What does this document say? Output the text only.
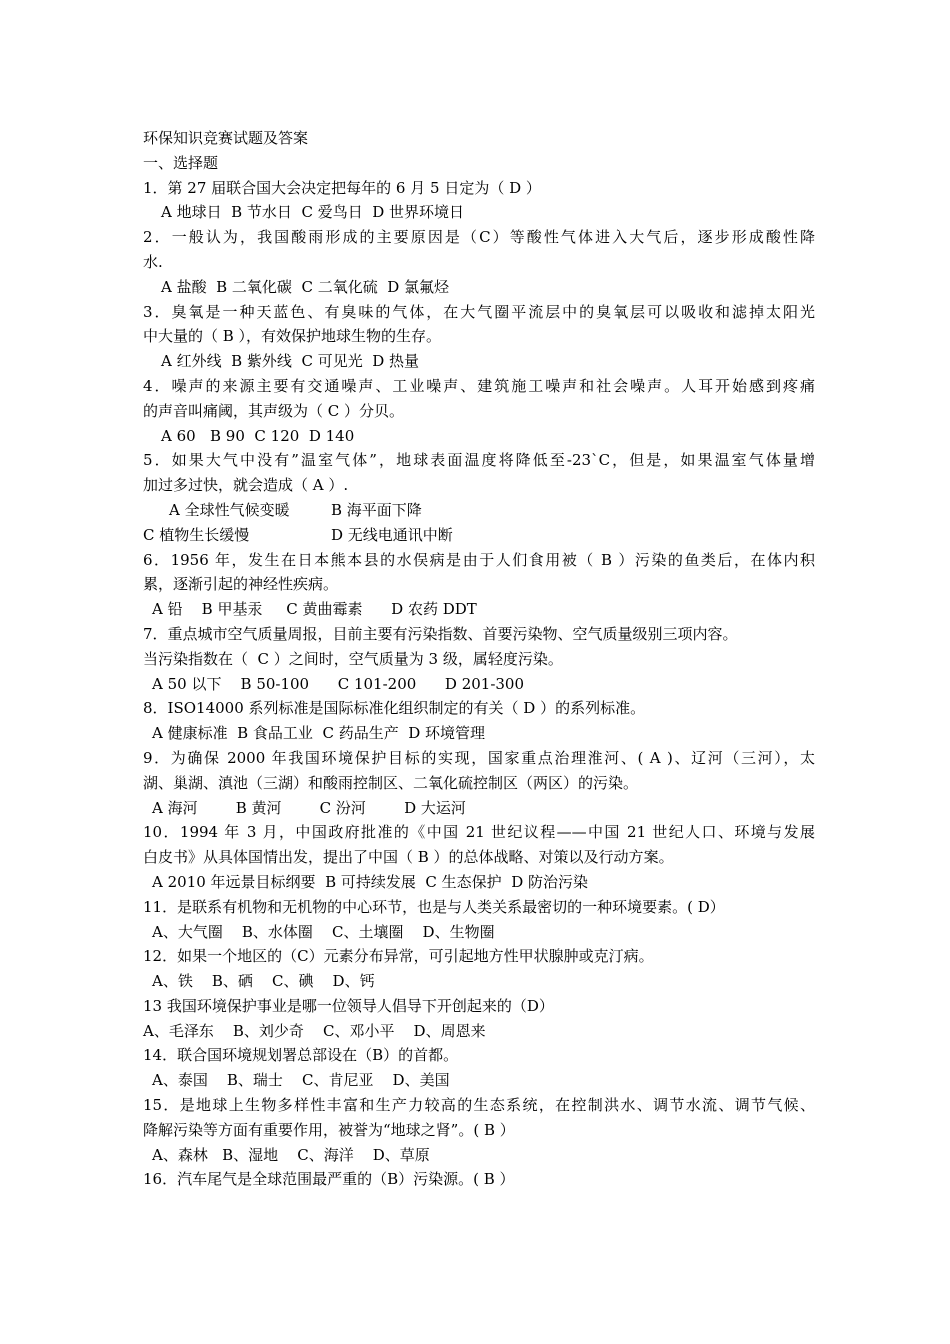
环保知识竞赛试题及答案
一、选择题
1．第 27 届联合国大会决定把每年的 6 月 5 日定为（ D ）
A 地球日  B 节水日  C 爱鸟日  D 世界环境日
2．一般认为，我国酸雨形成的主要原因是（C）等酸性气体进入大气后，逐步形成酸性降
水.
A 盐酸  B 二氧化碳  C 二氧化硫  D 氯氟烃
3．臭氧是一种天蓝色、有臭味的气体，在大气圈平流层中的臭氧层可以吸收和滤掉太阳光
中大量的（ B ），有效保护地球生物的生存。
A 红外线  B 紫外线  C 可见光  D 热量
4．噪声的来源主要有交通噪声、工业噪声、建筑施工噪声和社会噪声。人耳开始感到疼痛
的声音叫痛阈，其声级为（ C ）分贝。
A 60   B 90  C 120  D 140
5．如果大气中没有”温室气体”，地球表面温度将降低至-23`C，但是，如果温室气体量增
加过多过快，就会造成（ A ）.
A 全球性气候变暖	B 海平面下降
C 植物生长缓慢	D 无线电通讯中断
6．1956 年，发生在日本熊本县的水俣病是由于人们食用被（ B ）污染的鱼类后，在体内积
累，逐渐引起的神经性疾病。
A 铅    B 甲基汞     C 黄曲霉素      D 农药 DDT
7．重点城市空气质量周报，目前主要有污染指数、首要污染物、空气质量级别三项内容。
当污染指数在（  C ）之间时，空气质量为 3 级，属轻度污染。
A 50 以下    B 50-100      C 101-200      D 201-300
8．ISO14000 系列标准是国际标准化组织制定的有关（ D ）的系列标准。
A 健康标准  B 食品工业  C 药品生产  D 环境管理
9．为确保 2000 年我国环境保护目标的实现，国家重点治理淮河、( A )、辽河（三河），太
湖、巢湖、滇池（三湖）和酸雨控制区、二氧化硫控制区（两区）的污染。
A 海河        B 黄河        C 汾河        D 大运河
10．1994 年 3 月，中国政府批准的《中国 21 世纪议程——中国 21 世纪人口、环境与发展
白皮书》从具体国情出发，提出了中国（ B ）的总体战略、对策以及行动方案。
A 2010 年远景目标纲要  B 可持续发展  C 生态保护  D 防治污染
11．是联系有机物和无机物的中心环节，也是与人类关系最密切的一种环境要素。( D）
A、大气圈    B、水体圈    C、土壤圈    D、生物圈
12．如果一个地区的（C）元素分布异常，可引起地方性甲状腺肿或克汀病。
A、铁    B、硒    C、碘    D、钙
13 我国环境保护事业是哪一位领导人倡导下开创起来的（D）
A、毛泽东    B、刘少奇    C、邓小平    D、周恩来
14．联合国环境规划署总部设在（B）的首都。
A、泰国    B、瑞士    C、肯尼亚    D、美国
15．是地球上生物多样性丰富和生产力较高的生态系统，在控制洪水、调节水流、调节气候、
降解污染等方面有重要作用，被誉为“地球之肾”。( B ）
A、森林   B、湿地    C、海洋    D、草原
16．汽车尾气是全球范围最严重的（B）污染源。( B ）
